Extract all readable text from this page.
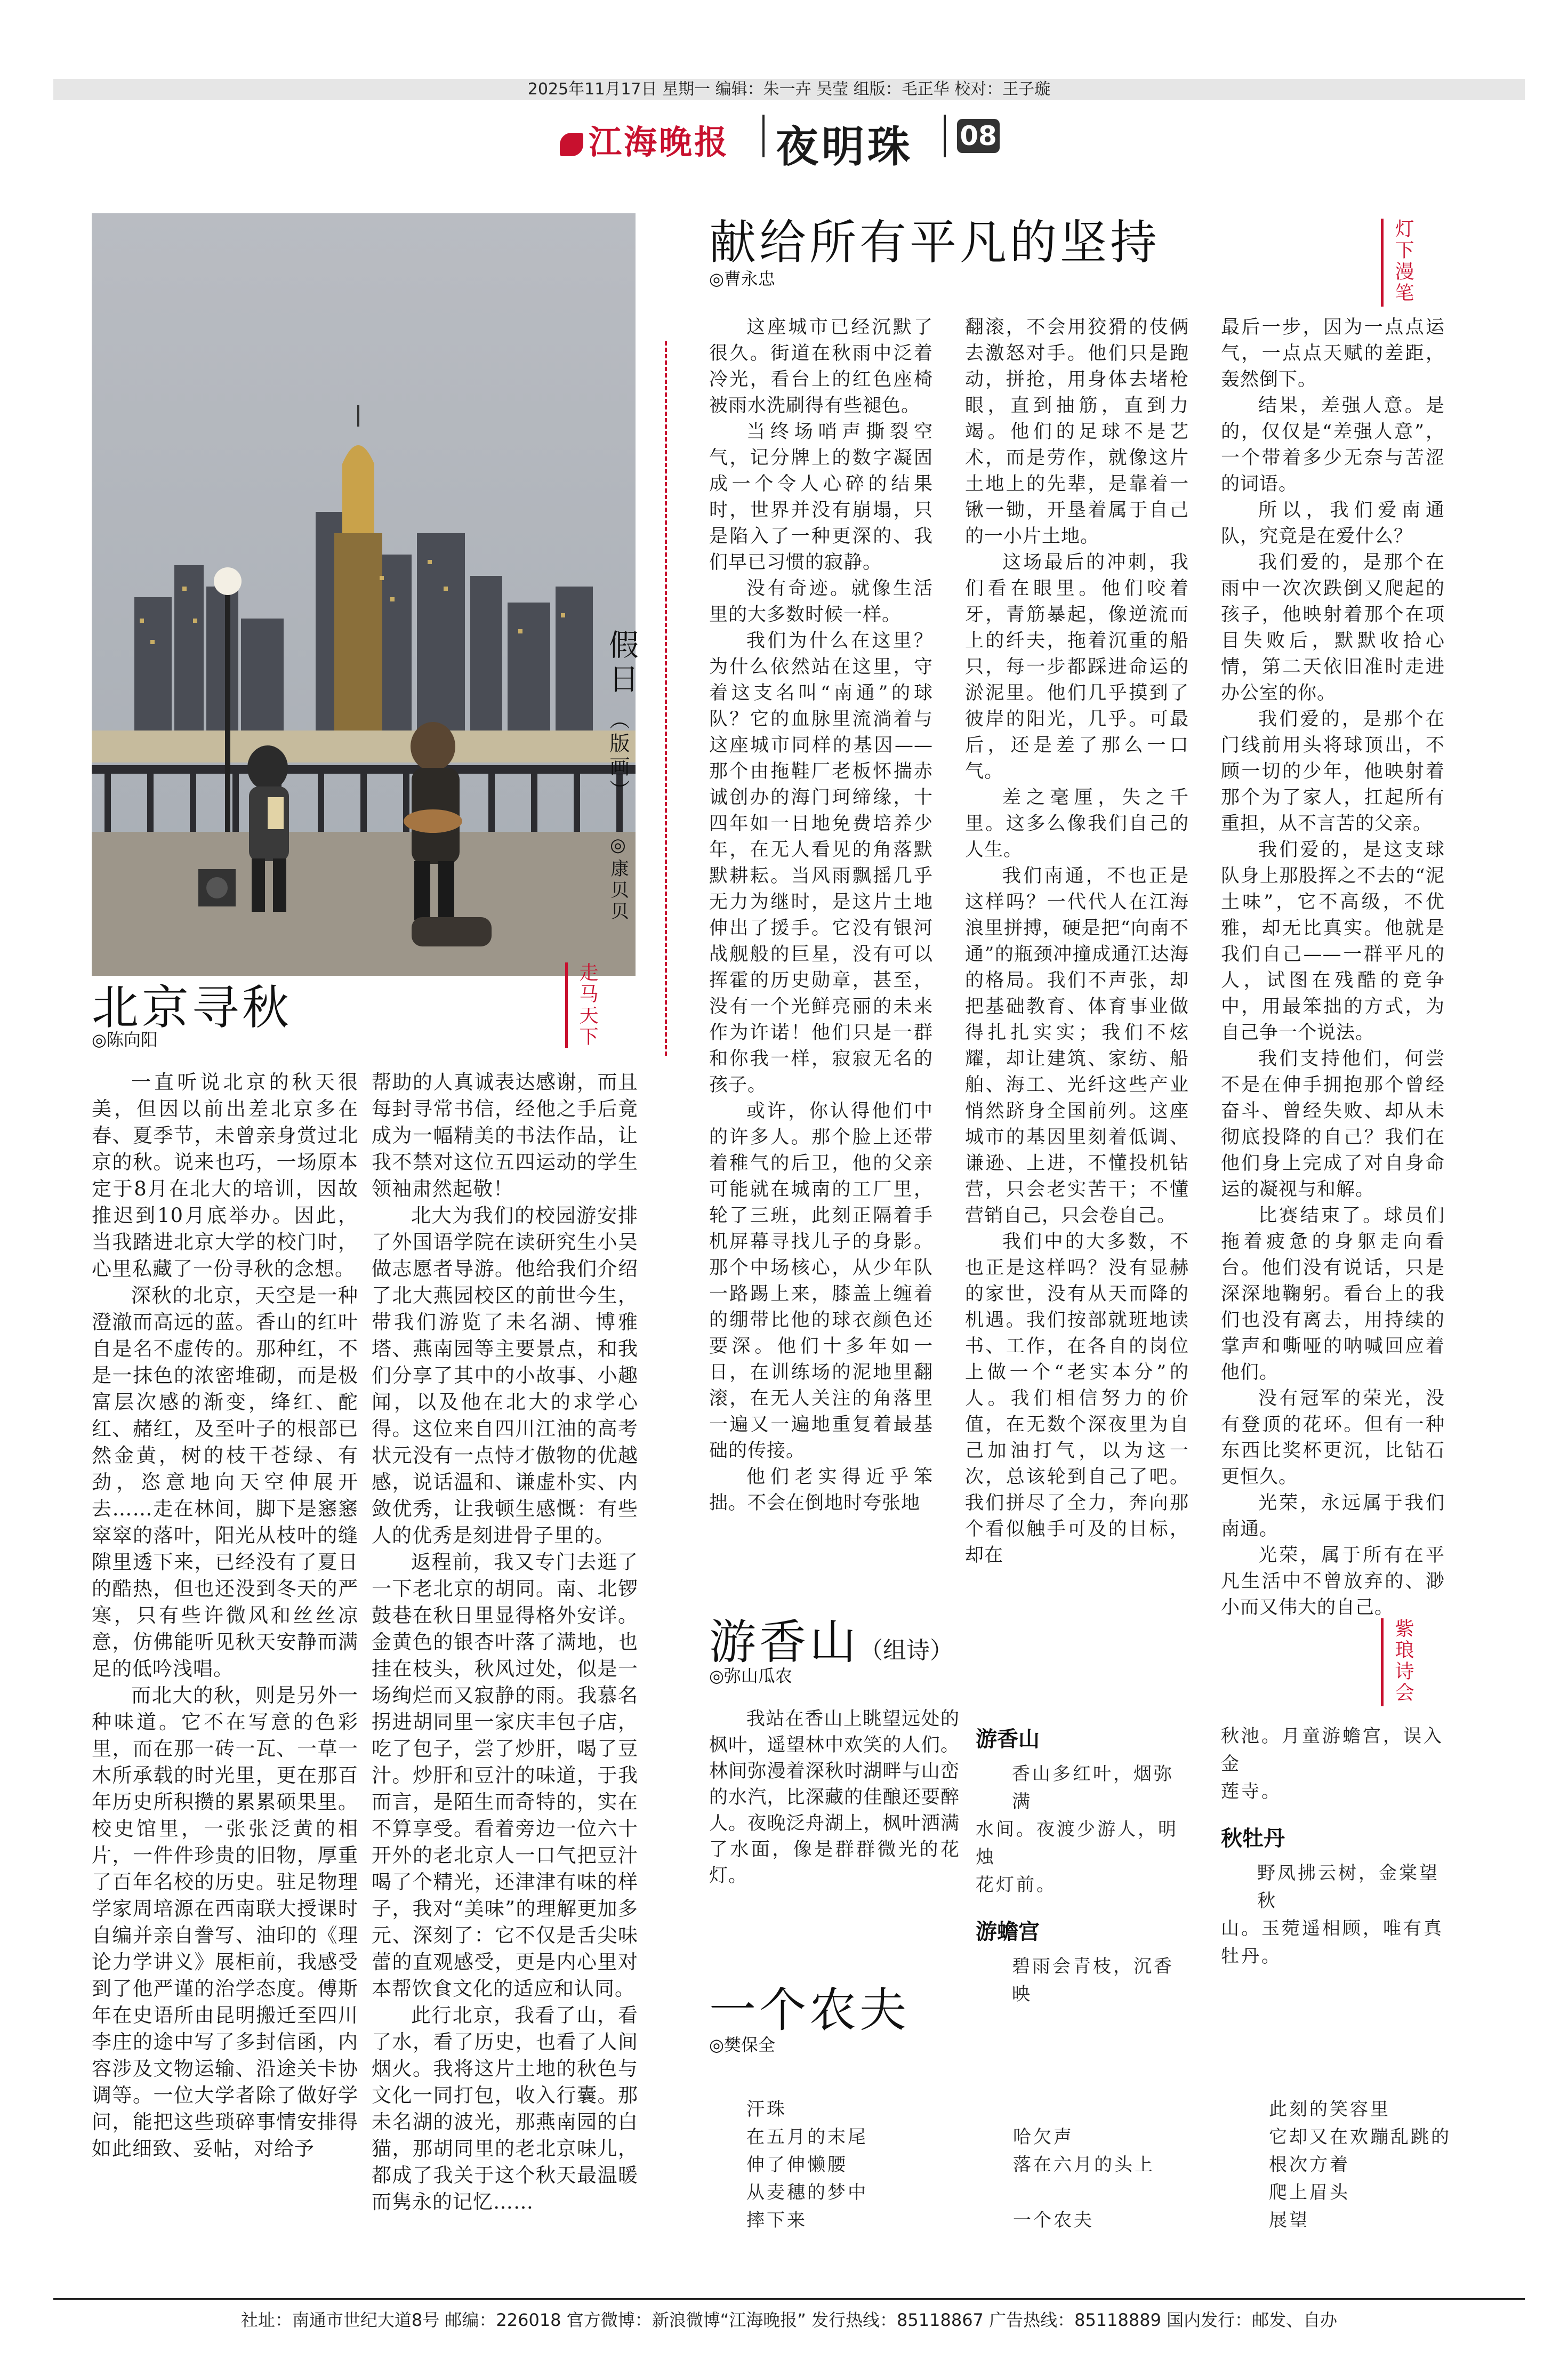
2025年11月17日 星期一 编辑：朱一卉 吴莹 组版：毛正华 校对：王子璇
江海晚报 夜明珠 08
假日
（版画）
◎康贝贝
北京寻秋
◎陈向阳	走马天下

一直听说北京的秋天很美，但因以前出差北京多在春、夏季节，未曾亲身赏过北京的秋。说来也巧，一场原本定于8月在北大的培训，因故推迟到10月底举办。因此，当我踏进北京大学的校门时，心里私藏了一份寻秋的念想。

深秋的北京，天空是一种澄澈而高远的蓝。香山的红叶自是名不虚传的。那种红，不是一抹色的浓密堆砌，而是极富层次感的渐变，绛红、酡红、赭红，及至叶子的根部已然金黄，树的枝干苍绿、有劲，恣意地向天空伸展开去……走在林间，脚下是窸窸窣窣的落叶，阳光从枝叶的缝隙里透下来，已经没有了夏日的酷热，但也还没到冬天的严寒，只有些许微风和丝丝凉意，仿佛能听见秋天安静而满足的低吟浅唱。

而北大的秋，则是另外一种味道。它不在写意的色彩里，而在那一砖一瓦、一草一木所承载的时光里，更在那百年历史所积攒的累累硕果里。校史馆里，一张张泛黄的相片，一件件珍贵的旧物，厚重了百年名校的历史。驻足物理学家周培源在西南联大授课时自编并亲自誊写、油印的《理论力学讲义》展柜前，我感受到了他严谨的治学态度。傅斯年在史语所由昆明搬迁至四川李庄的途中写了多封信函，内容涉及文物运输、沿途关卡协调等。一位大学者除了做好学问，能把这些琐碎事情安排得如此细致、妥帖，对给予

帮助的人真诚表达感谢，而且每封寻常书信，经他之手后竟成为一幅精美的书法作品，让我不禁对这位五四运动的学生领袖肃然起敬！

北大为我们的校园游安排了外国语学院在读研究生小吴做志愿者导游。他给我们介绍了北大燕园校区的前世今生，带我们游览了未名湖、博雅塔、燕南园等主要景点，和我们分享了其中的小故事、小趣闻，以及他在北大的求学心得。这位来自四川江油的高考状元没有一点恃才傲物的优越感，说话温和、谦虚朴实、内敛优秀，让我顿生感慨：有些人的优秀是刻进骨子里的。

返程前，我又专门去逛了一下老北京的胡同。南、北锣鼓巷在秋日里显得格外安详。金黄色的银杏叶落了满地，也挂在枝头，秋风过处，似是一场绚烂而又寂静的雨。我慕名拐进胡同里一家庆丰包子店，吃了包子，尝了炒肝，喝了豆汁。炒肝和豆汁的味道，于我而言，是陌生而奇特的，实在不算享受。看着旁边一位六十开外的老北京人一口气把豆汁喝了个精光，还津津有味的样子，我对“美味”的理解更加多元、深刻了：它不仅是舌尖味蕾的直观感受，更是内心里对本帮饮食文化的适应和认同。

此行北京，我看了山，看了水，看了历史，也看了人间烟火。我将这片土地的秋色与文化一同打包，收入行囊。那未名湖的波光，那燕南园的白猫，那胡同里的老北京味儿，都成了我关于这个秋天最温暖而隽永的记忆……

献给所有平凡的坚持
◎曹永忠	灯下漫笔

这座城市已经沉默了很久。街道在秋雨中泛着冷光，看台上的红色座椅被雨水洗刷得有些褪色。

当终场哨声撕裂空气，记分牌上的数字凝固成一个令人心碎的结果时，世界并没有崩塌，只是陷入了一种更深的、我们早已习惯的寂静。

没有奇迹。就像生活里的大多数时候一样。

我们为什么在这里？为什么依然站在这里，守着这支名叫“南通”的球队？它的血脉里流淌着与这座城市同样的基因——那个由拖鞋厂老板怀揣赤诚创办的海门珂缔缘，十四年如一日地免费培养少年，在无人看见的角落默默耕耘。当风雨飘摇几乎无力为继时，是这片土地伸出了援手。它没有银河战舰般的巨星，没有可以挥霍的历史勋章，甚至，没有一个光鲜亮丽的未来作为许诺！他们只是一群和你我一样，寂寂无名的孩子。

或许，你认得他们中的许多人。那个脸上还带着稚气的后卫，他的父亲可能就在城南的工厂里，轮了三班，此刻正隔着手机屏幕寻找儿子的身影。那个中场核心，从少年队一路踢上来，膝盖上缠着的绷带比他的球衣颜色还要深。他们十多年如一日，在训练场的泥地里翻滚，在无人关注的角落里一遍又一遍地重复着最基础的传接。

他们老实得近乎笨拙。不会在倒地时夸张地

翻滚，不会用狡猾的伎俩去激怒对手。他们只是跑动，拼抢，用身体去堵枪眼，直到抽筋，直到力竭。他们的足球不是艺术，而是劳作，就像这片土地上的先辈，是靠着一锹一锄，开垦着属于自己的一小片土地。

这场最后的冲刺，我们看在眼里。他们咬着牙，青筋暴起，像逆流而上的纤夫，拖着沉重的船只，每一步都踩进命运的淤泥里。他们几乎摸到了彼岸的阳光，几乎。可最后，还是差了那么一口气。

差之毫厘，失之千里。这多么像我们自己的人生。

我们南通，不也正是这样吗？一代代人在江海浪里拼搏，硬是把“向南不通”的瓶颈冲撞成通江达海的格局。我们不声张，却把基础教育、体育事业做得扎扎实实；我们不炫耀，却让建筑、家纺、船舶、海工、光纤这些产业悄然跻身全国前列。这座城市的基因里刻着低调、谦逊、上进，不懂投机钻营，只会老实苦干；不懂营销自己，只会卷自己。

我们中的大多数，不也正是这样吗？没有显赫的家世，没有从天而降的机遇。我们按部就班地读书、工作，在各自的岗位上做一个“老实本分”的人。我们相信努力的价值，在无数个深夜里为自己加油打气，以为这一次，总该轮到自己了吧。我们拼尽了全力，奔向那个看似触手可及的目标，却在

最后一步，因为一点点运气，一点点天赋的差距，轰然倒下。

结果，差强人意。是的，仅仅是“差强人意”，一个带着多少无奈与苦涩的词语。

所以，我们爱南通队，究竟是在爱什么？

我们爱的，是那个在雨中一次次跌倒又爬起的孩子，他映射着那个在项目失败后，默默收拾心情，第二天依旧准时走进办公室的你。

我们爱的，是那个在门线前用头将球顶出，不顾一切的少年，他映射着那个为了家人，扛起所有重担，从不言苦的父亲。

我们爱的，是这支球队身上那股挥之不去的“泥土味”，它不高级，不优雅，却无比真实。他就是我们自己——一群平凡的人，试图在残酷的竞争中，用最笨拙的方式，为自己争一个说法。

我们支持他们，何尝不是在伸手拥抱那个曾经奋斗、曾经失败、却从未彻底投降的自己？我们在他们身上完成了对自身命运的凝视与和解。

比赛结束了。球员们拖着疲惫的身躯走向看台。他们没有说话，只是深深地鞠躬。看台上的我们也没有离去，用持续的掌声和嘶哑的呐喊回应着他们。

没有冠军的荣光，没有登顶的花环。但有一种东西比奖杯更沉，比钻石更恒久。

光荣，永远属于我们南通。

光荣，属于所有在平凡生活中不曾放弃的、渺小而又伟大的自己。

游香山（组诗）
◎弥山瓜农	紫琅诗会

我站在香山上眺望远处的枫叶，遥望林中欢笑的人们。林间弥漫着深秋时湖畔与山峦的水汽，比深藏的佳酿还要醉人。夜晚泛舟湖上，枫叶洒满了水面，像是群群微光的花灯。

游香山
香山多红叶，烟弥满
水间。夜渡少游人，明烛
花灯前。
游蟾宫
碧雨会青枝，沉香映
秋池。月童游蟾宫，误入金
莲寺。
秋牡丹
野凤拂云树，金棠望秋
山。玉菀遥相顾，唯有真
牡丹。
一个农夫
◎樊保全
汗珠
在五月的末尾
伸了伸懒腰
从麦穗的梦中
摔下来
哈欠声
落在六月的头上
一个农夫
此刻的笑容里
它却又在欢蹦乱跳的
根次方着
爬上眉头
展望
社址：南通市世纪大道8号 邮编：226018 官方微博：新浪微博“江海晚报” 发行热线：85118867 广告热线：85118889 国内发行：邮发、自办
